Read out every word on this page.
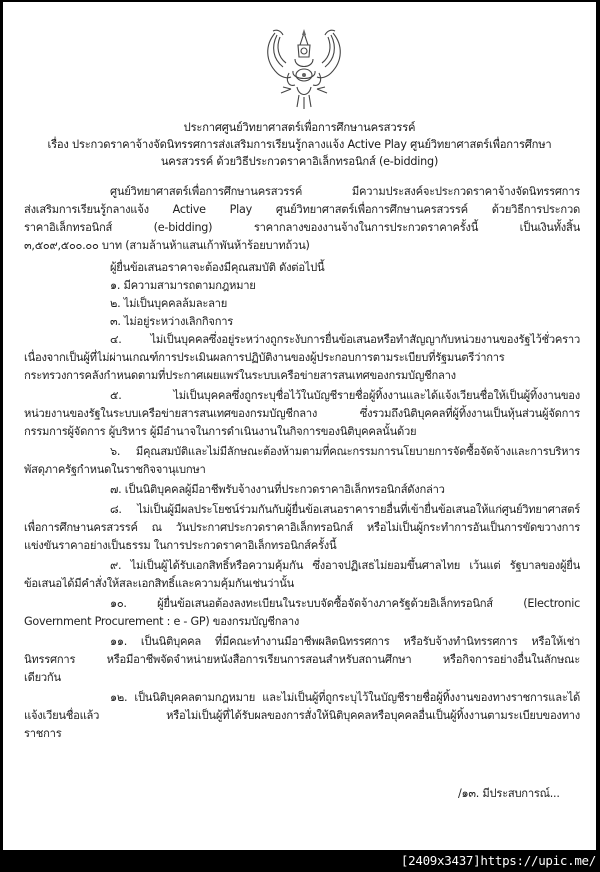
ประกาศศูนย์วิทยาศาสตร์เพื่อการศึกษานครสวรรค์
เรื่อง ประกวดราคาจ้างจัดนิทรรศการส่งเสริมการเรียนรู้กลางแจ้ง Active Play ศูนย์วิทยาศาสตร์เพื่อการศึกษา
นครสวรรค์ ด้วยวิธีประกวดราคาอิเล็กทรอนิกส์ (e-bidding)
ศูนย์วิทยาศาสตร์เพื่อการศึกษานครสวรรค์ มีความประสงค์จะประกวดราคาจ้างจัดนิทรรศการ
ส่งเสริมการเรียนรู้กลางแจ้ง Active Play ศูนย์วิทยาศาสตร์เพื่อการศึกษานครสวรรค์ ด้วยวิธีการประกวด
ราคาอิเล็กทรอนิกส์ (e-bidding) ราคากลางของงานจ้างในการประกวดราคาครั้งนี้ เป็นเงินทั้งสิ้น
๓,๕๐๙,๕๐๐.๐๐ บาท (สามล้านห้าแสนเก้าพันห้าร้อยบาทถ้วน)
ผู้ยื่นข้อเสนอราคาจะต้องมีคุณสมบัติ ดังต่อไปนี้
๑. มีความสามารถตามกฎหมาย
๒. ไม่เป็นบุคคลล้มละลาย
๓. ไม่อยู่ระหว่างเลิกกิจการ
๔. ไม่เป็นบุคคลซึ่งอยู่ระหว่างถูกระงับการยื่นข้อเสนอหรือทำสัญญากับหน่วยงานของรัฐไว้ชั่วคราว
เนื่องจากเป็นผู้ที่ไม่ผ่านเกณฑ์การประเมินผลการปฏิบัติงานของผู้ประกอบการตามระเบียบที่รัฐมนตรีว่าการ
กระทรวงการคลังกำหนดตามที่ประกาศเผยแพร่ในระบบเครือข่ายสารสนเทศของกรมบัญชีกลาง
๕. ไม่เป็นบุคคลซึ่งถูกระบุชื่อไว้ในบัญชีรายชื่อผู้ทิ้งงานและได้แจ้งเวียนชื่อให้เป็นผู้ทิ้งงานของ
หน่วยงานของรัฐในระบบเครือข่ายสารสนเทศของกรมบัญชีกลาง ซึ่งรวมถึงนิติบุคคลที่ผู้ทิ้งงานเป็นหุ้นส่วนผู้จัดการ
กรรมการผู้จัดการ ผู้บริหาร ผู้มีอำนาจในการดำเนินงานในกิจการของนิติบุคคลนั้นด้วย
๖. มีคุณสมบัติและไม่มีลักษณะต้องห้ามตามที่คณะกรรมการนโยบายการจัดซื้อจัดจ้างและการบริหาร
พัสดุภาครัฐกำหนดในราชกิจจานุเบกษา
๗. เป็นนิติบุคคลผู้มีอาชีพรับจ้างงานที่ประกวดราคาอิเล็กทรอนิกส์ดังกล่าว
๘. ไม่เป็นผู้มีผลประโยชน์ร่วมกันกับผู้ยื่นข้อเสนอราคารายอื่นที่เข้ายื่นข้อเสนอให้แก่ศูนย์วิทยาศาสตร์
เพื่อการศึกษานครสวรรค์ ณ วันประกาศประกวดราคาอิเล็กทรอนิกส์ หรือไม่เป็นผู้กระทำการอันเป็นการขัดขวางการ
แข่งขันราคาอย่างเป็นธรรม ในการประกวดราคาอิเล็กทรอนิกส์ครั้งนี้
๙. ไม่เป็นผู้ได้รับเอกสิทธิ์หรือความคุ้มกัน ซึ่งอาจปฏิเสธไม่ยอมขึ้นศาลไทย เว้นแต่ รัฐบาลของผู้ยื่น
ข้อเสนอได้มีคำสั่งให้สละเอกสิทธิ์และความคุ้มกันเช่นว่านั้น
๑๐. ผู้ยื่นข้อเสนอต้องลงทะเบียนในระบบจัดซื้อจัดจ้างภาครัฐด้วยอิเล็กทรอนิกส์ (Electronic
Government Procurement : e - GP) ของกรมบัญชีกลาง
๑๑. เป็นนิติบุคคล ที่มีคณะทำงานมีอาชีพผลิตนิทรรศการ หรือรับจ้างทำนิทรรศการ หรือให้เช่า
นิทรรศการ หรือมีอาชีพจัดจำหน่ายหนังสือการเรียนการสอนสำหรับสถานศึกษา หรือกิจการอย่างอื่นในลักษณะ
เดียวกัน
๑๒. เป็นนิติบุคคลตามกฎหมาย และไม่เป็นผู้ที่ถูกระบุไว้ในบัญชีรายชื่อผู้ทิ้งงานของทางราชการและได้
แจ้งเวียนชื่อแล้ว หรือไม่เป็นผู้ที่ได้รับผลของการสั่งให้นิติบุคคลหรือบุคคลอื่นเป็นผู้ทิ้งงานตามระเบียบของทาง
ราชการ
/๑๓. มีประสบการณ์...
[2409x3437]https://upic.me/
